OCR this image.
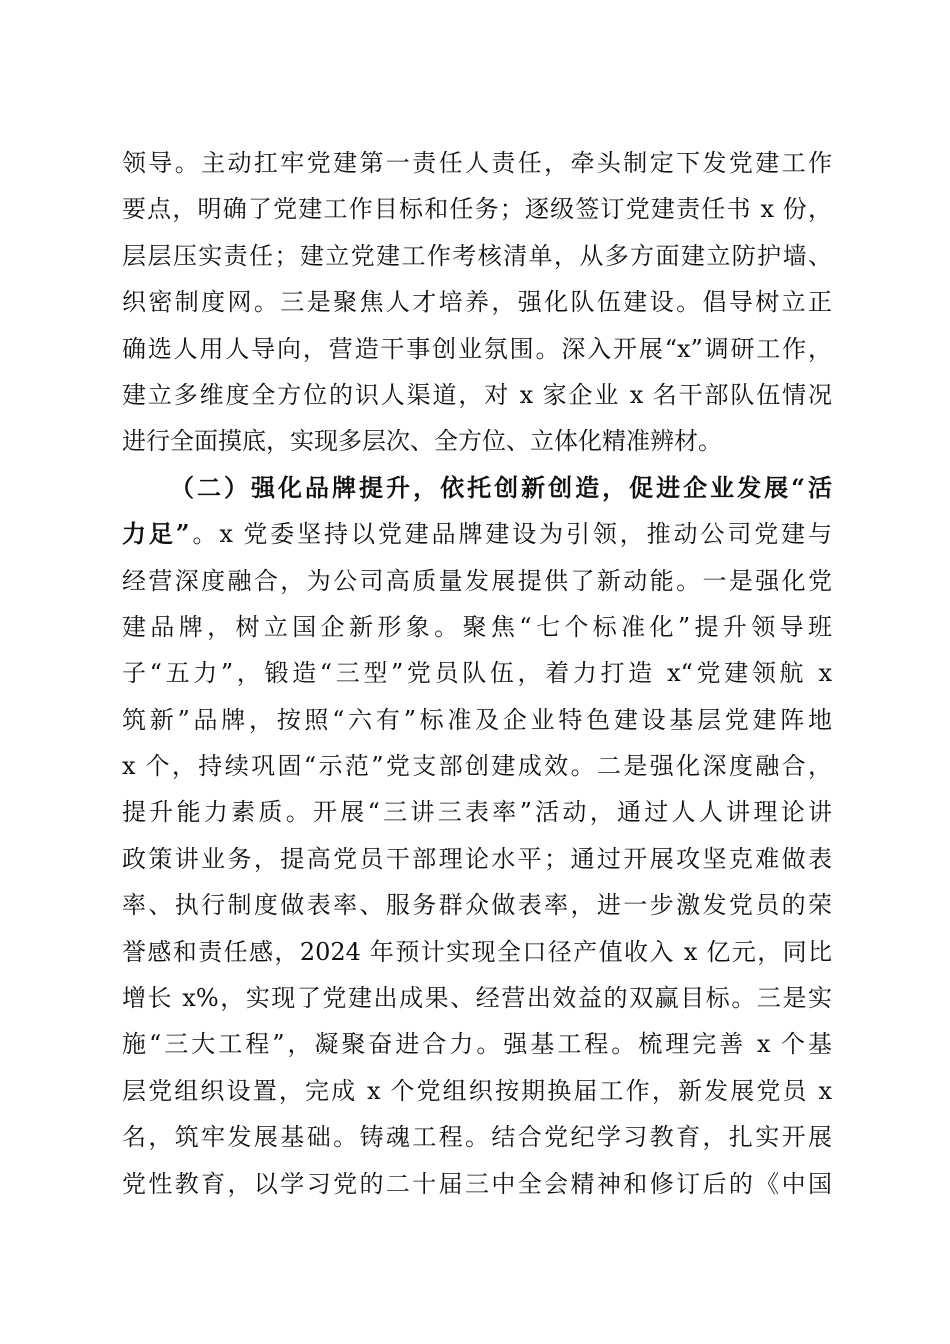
领导。主动扛牢党建第一责任人责任，牵头制定下发党建工作
要点，明确了党建工作目标和任务；逐级签订党建责任书 x 份，
层层压实责任；建立党建工作考核清单，从多方面建立防护墙、
织密制度网。三是聚焦人才培养，强化队伍建设。倡导树立正
确选人用人导向，营造干事创业氛围。深入开展“x”调研工作，
建立多维度全方位的识人渠道，对 x 家企业 x 名干部队伍情况
进行全面摸底，实现多层次、全方位、立体化精准辨材。
（二）强化品牌提升，依托创新创造，促进企业发展“活
力足”。x 党委坚持以党建品牌建设为引领，推动公司党建与
经营深度融合，为公司高质量发展提供了新动能。一是强化党
建品牌，树立国企新形象。聚焦“七个标准化”提升领导班
子“五力”，锻造“三型”党员队伍，着力打造 x“党建领航 x
筑新”品牌，按照“六有”标准及企业特色建设基层党建阵地
x 个，持续巩固“示范”党支部创建成效。二是强化深度融合，
提升能力素质。开展“三讲三表率”活动，通过人人讲理论讲
政策讲业务，提高党员干部理论水平；通过开展攻坚克难做表
率、执行制度做表率、服务群众做表率，进一步激发党员的荣
誉感和责任感，2024 年预计实现全口径产值收入 x 亿元，同比
增长 x%，实现了党建出成果、经营出效益的双赢目标。三是实
施“三大工程”，凝聚奋进合力。强基工程。梳理完善 x 个基
层党组织设置，完成 x 个党组织按期换届工作，新发展党员 x
名，筑牢发展基础。铸魂工程。结合党纪学习教育，扎实开展
党性教育，以学习党的二十届三中全会精神和修订后的《中国
